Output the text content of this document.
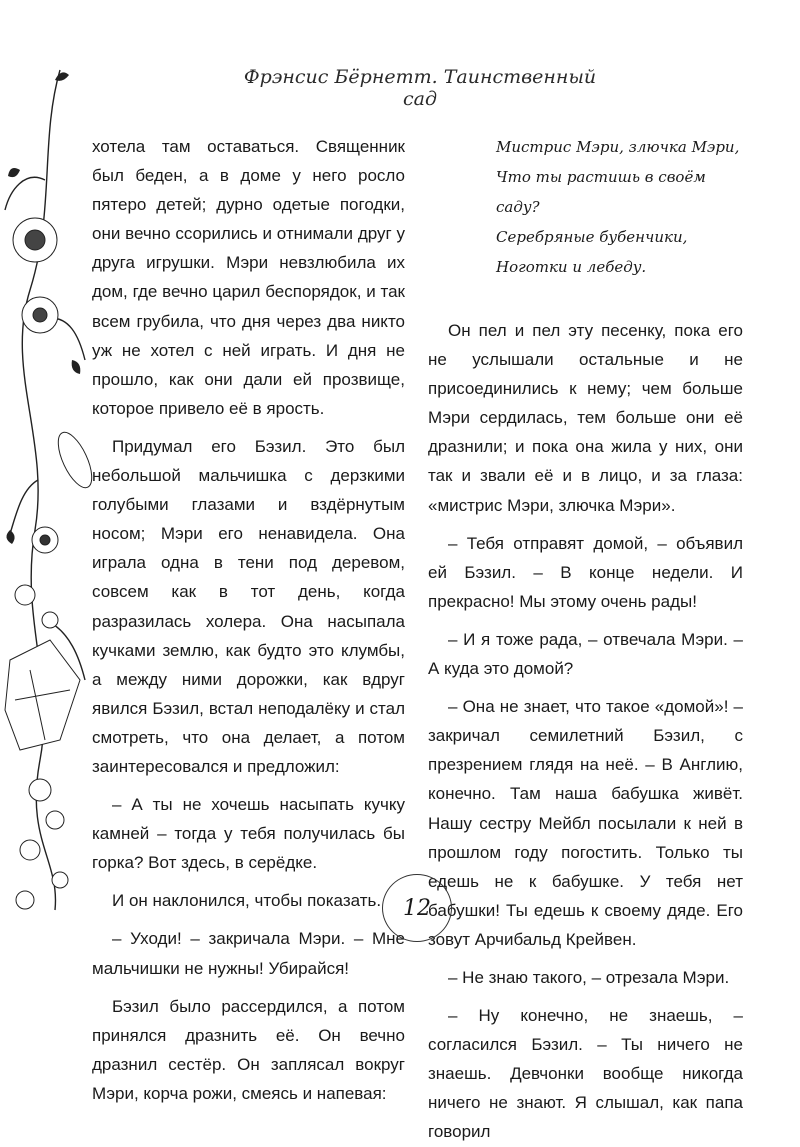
Фрэнсис Бёрнетт. Таинственный сад

хотела там оставаться. Священник был беден, а в доме у него росло пятеро детей; дурно одетые погодки, они вечно ссорились и отнимали друг у друга игрушки. Мэри невзлюбила их дом, где вечно царил беспорядок, и так всем грубила, что дня через два никто уж не хотел с ней играть. И дня не прошло, как они дали ей прозвище, которое привело её в ярость.

Придумал его Бэзил. Это был небольшой мальчишка с дерзкими голубыми глазами и вздёрнутым носом; Мэри его ненавидела. Она играла одна в тени под деревом, совсем как в тот день, когда разразилась холера. Она насыпала кучками землю, как будто это клумбы, а между ними дорожки, как вдруг явился Бэзил, встал неподалёку и стал смотреть, что она делает, а потом заинтересовался и предложил:

– А ты не хочешь насыпать кучку камней – тогда у тебя получилась бы горка? Вот здесь, в серёдке.

И он наклонился, чтобы показать.

– Уходи! – закричала Мэри. – Мне мальчишки не нужны! Убирайся!

Бэзил было рассердился, а потом принялся дразнить её. Он вечно дразнил сестёр. Он заплясал вокруг Мэри, корча рожи, смеясь и напевая:

Мистрис Мэри, злючка Мэри,
Что ты растишь в своём саду?
Серебряные бубенчики,
Ноготки и лебеду.

Он пел и пел эту песенку, пока его не услышали остальные и не присоединились к нему; чем больше Мэри сердилась, тем больше они её дразнили; и пока она жила у них, они так и звали её и в лицо, и за глаза: «мистрис Мэри, злючка Мэри».

– Тебя отправят домой, – объявил ей Бэзил. – В конце недели. И прекрасно! Мы этому очень рады!

– И я тоже рада, – отвечала Мэри. – А куда это домой?

– Она не знает, что такое «домой»! – закричал семилетний Бэзил, с презрением глядя на неё. – В Англию, конечно. Там наша бабушка живёт. Нашу сестру Мейбл посылали к ней в прошлом году погостить. Только ты едешь не к бабушке. У тебя нет бабушки! Ты едешь к своему дяде. Его зовут Арчибальд Крейвен.

– Не знаю такого, – отрезала Мэри.

– Ну конечно, не знаешь, – согласился Бэзил. – Ты ничего не знаешь. Девчонки вообще никогда ничего не знают. Я слышал, как папа говорил

12
